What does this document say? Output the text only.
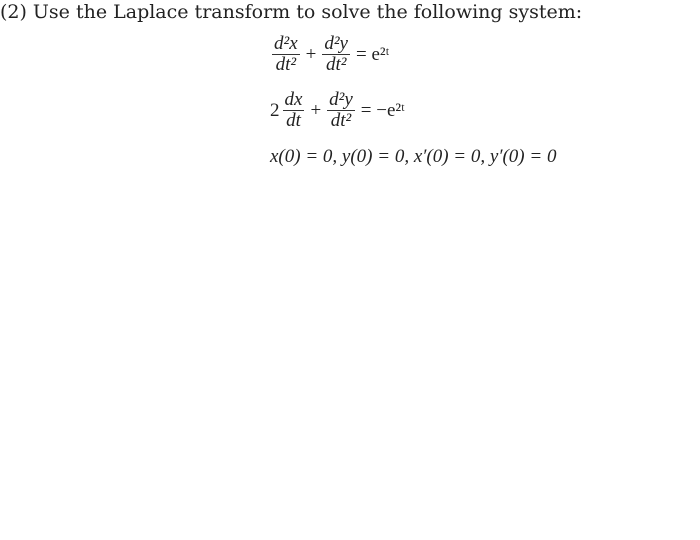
(2) Use the Laplace transform to solve the following system:
$\frac{\text{d²x}}{\text{dt²}} + \frac{\text{d²y}}{\text{dt²}}$ = e²ᵗ
$2 \frac{dx}{dt} + \frac{\text{d²y}}{\text{dt²}}$ = −e²ᵗ
x(0) = 0, y(0) = 0, x′(0) = 0, y′(0) = 0
